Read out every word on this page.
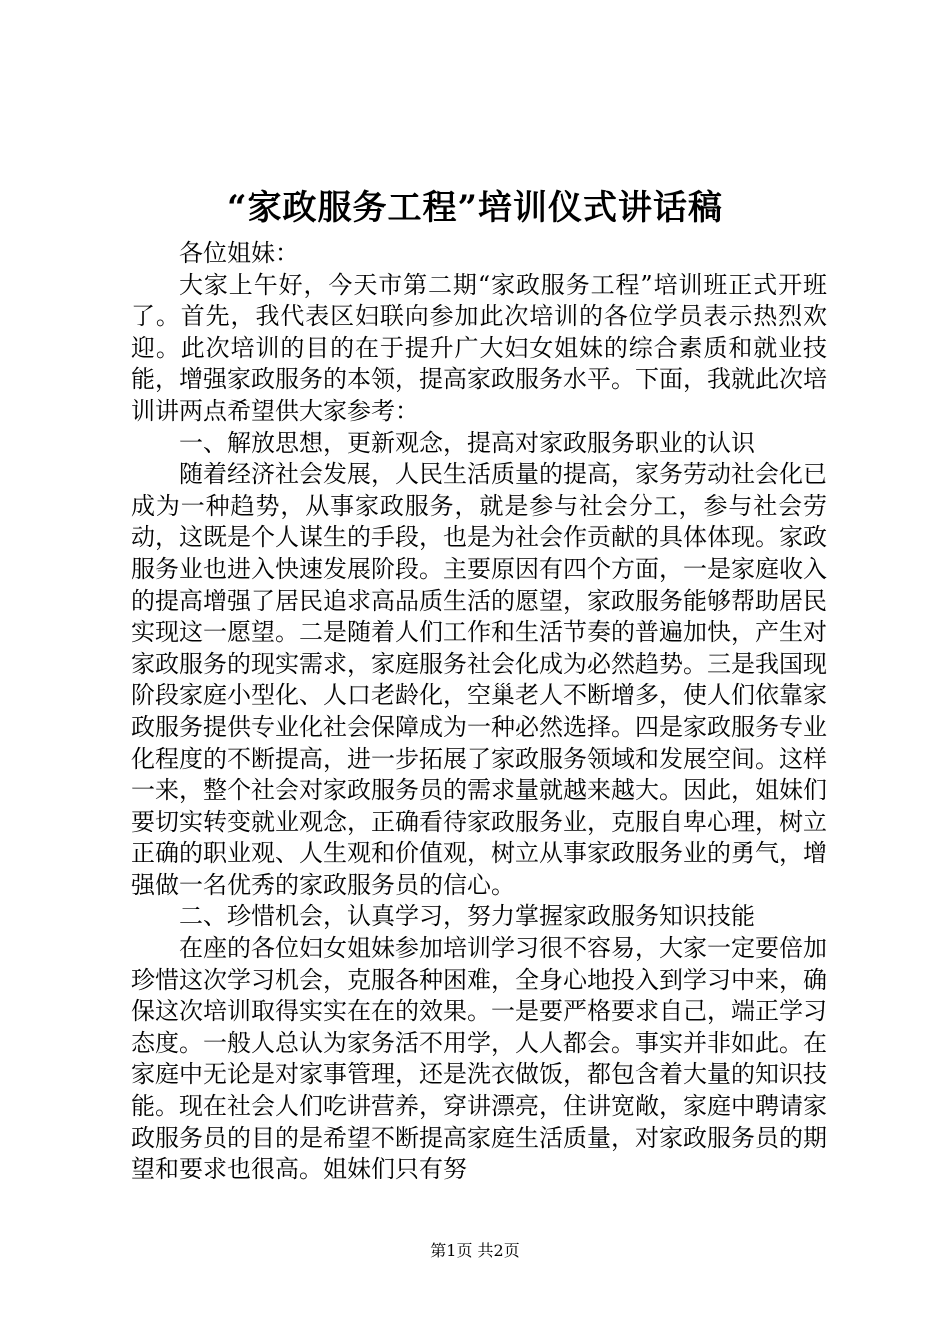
“家政服务工程”培训仪式讲话稿

各位姐妹：

大家上午好，今天市第二期“家政服务工程”培训班正式开班了。首先，我代表区妇联向参加此次培训的各位学员表示热烈欢迎。此次培训的目的在于提升广大妇女姐妹的综合素质和就业技能，增强家政服务的本领，提高家政服务水平。下面，我就此次培训讲两点希望供大家参考：

一、解放思想，更新观念，提高对家政服务职业的认识

随着经济社会发展，人民生活质量的提高，家务劳动社会化已成为一种趋势，从事家政服务，就是参与社会分工，参与社会劳动，这既是个人谋生的手段，也是为社会作贡献的具体体现。家政服务业也进入快速发展阶段。主要原因有四个方面，一是家庭收入的提高增强了居民追求高品质生活的愿望，家政服务能够帮助居民实现这一愿望。二是随着人们工作和生活节奏的普遍加快，产生对家政服务的现实需求，家庭服务社会化成为必然趋势。三是我国现阶段家庭小型化、人口老龄化，空巢老人不断增多，使人们依靠家政服务提供专业化社会保障成为一种必然选择。四是家政服务专业化程度的不断提高，进一步拓展了家政服务领域和发展空间。这样一来，整个社会对家政服务员的需求量就越来越大。因此，姐妹们要切实转变就业观念，正确看待家政服务业，克服自卑心理，树立正确的职业观、人生观和价值观，树立从事家政服务业的勇气，增强做一名优秀的家政服务员的信心。

二、珍惜机会，认真学习，努力掌握家政服务知识技能

在座的各位妇女姐妹参加培训学习很不容易，大家一定要倍加珍惜这次学习机会，克服各种困难，全身心地投入到学习中来，确保这次培训取得实实在在的效果。一是要严格要求自己，端正学习态度。一般人总认为家务活不用学，人人都会。事实并非如此。在家庭中无论是对家事管理，还是洗衣做饭，都包含着大量的知识技能。现在社会人们吃讲营养，穿讲漂亮，住讲宽敞，家庭中聘请家政服务员的目的是希望不断提高家庭生活质量，对家政服务员的期望和要求也很高。姐妹们只有努

第1页 共2页
